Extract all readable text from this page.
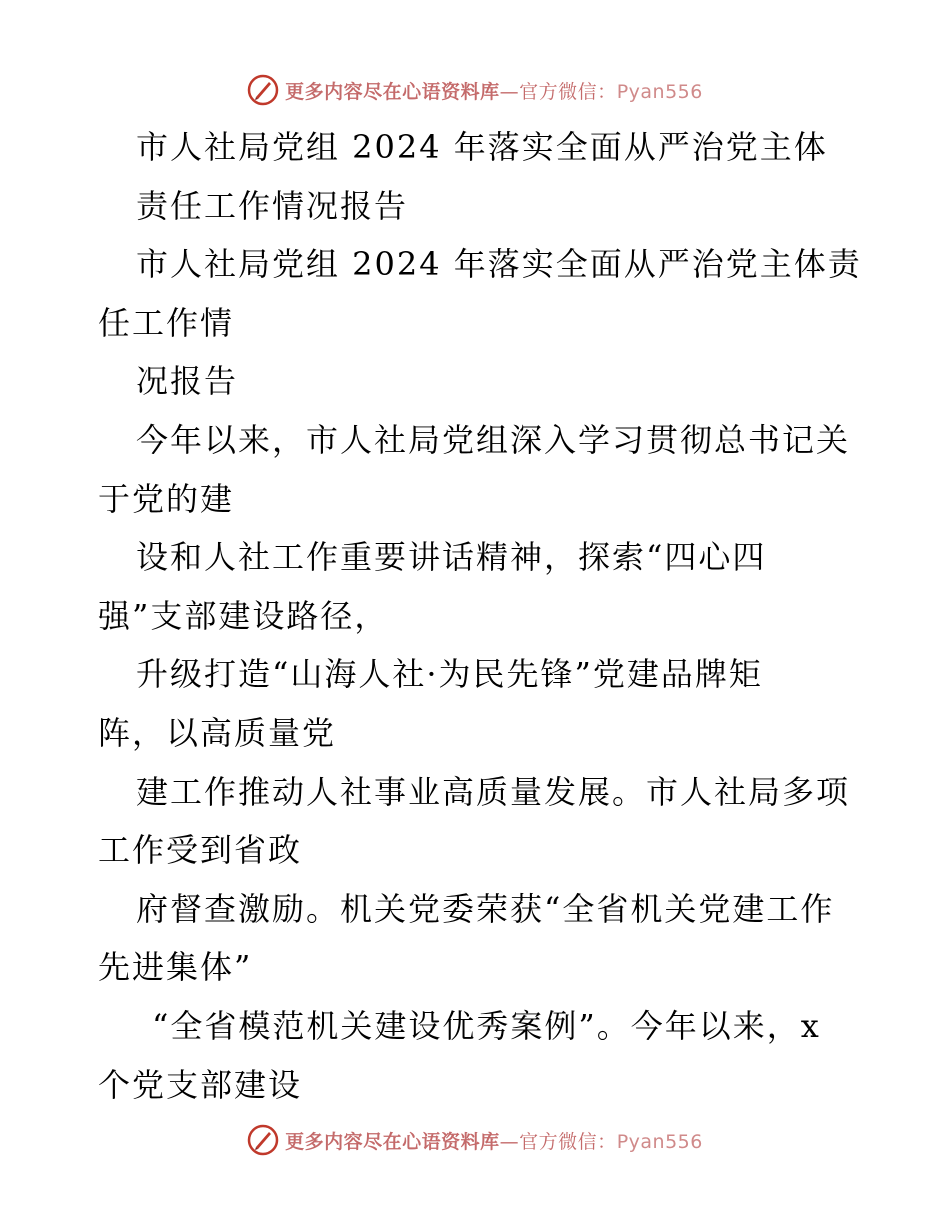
更多内容尽在心语资料库—官方微信：Pyan556
市人社局党组 2024 年落实全面从严治党主体
责任工作情况报告
市人社局党组 2024 年落实全面从严治党主体责
任工作情
况报告
今年以来，市人社局党组深入学习贯彻总书记关
于党的建
设和人社工作重要讲话精神，探索“四心四
强”支部建设路径，
升级打造“山海人社·为民先锋”党建品牌矩
阵，以高质量党
建工作推动人社事业高质量发展。市人社局多项
工作受到省政
府督查激励。机关党委荣获“全省机关党建工作
先进集体”
“全省模范机关建设优秀案例”。今年以来，x
个党支部建设
更多内容尽在心语资料库—官方微信：Pyan556
